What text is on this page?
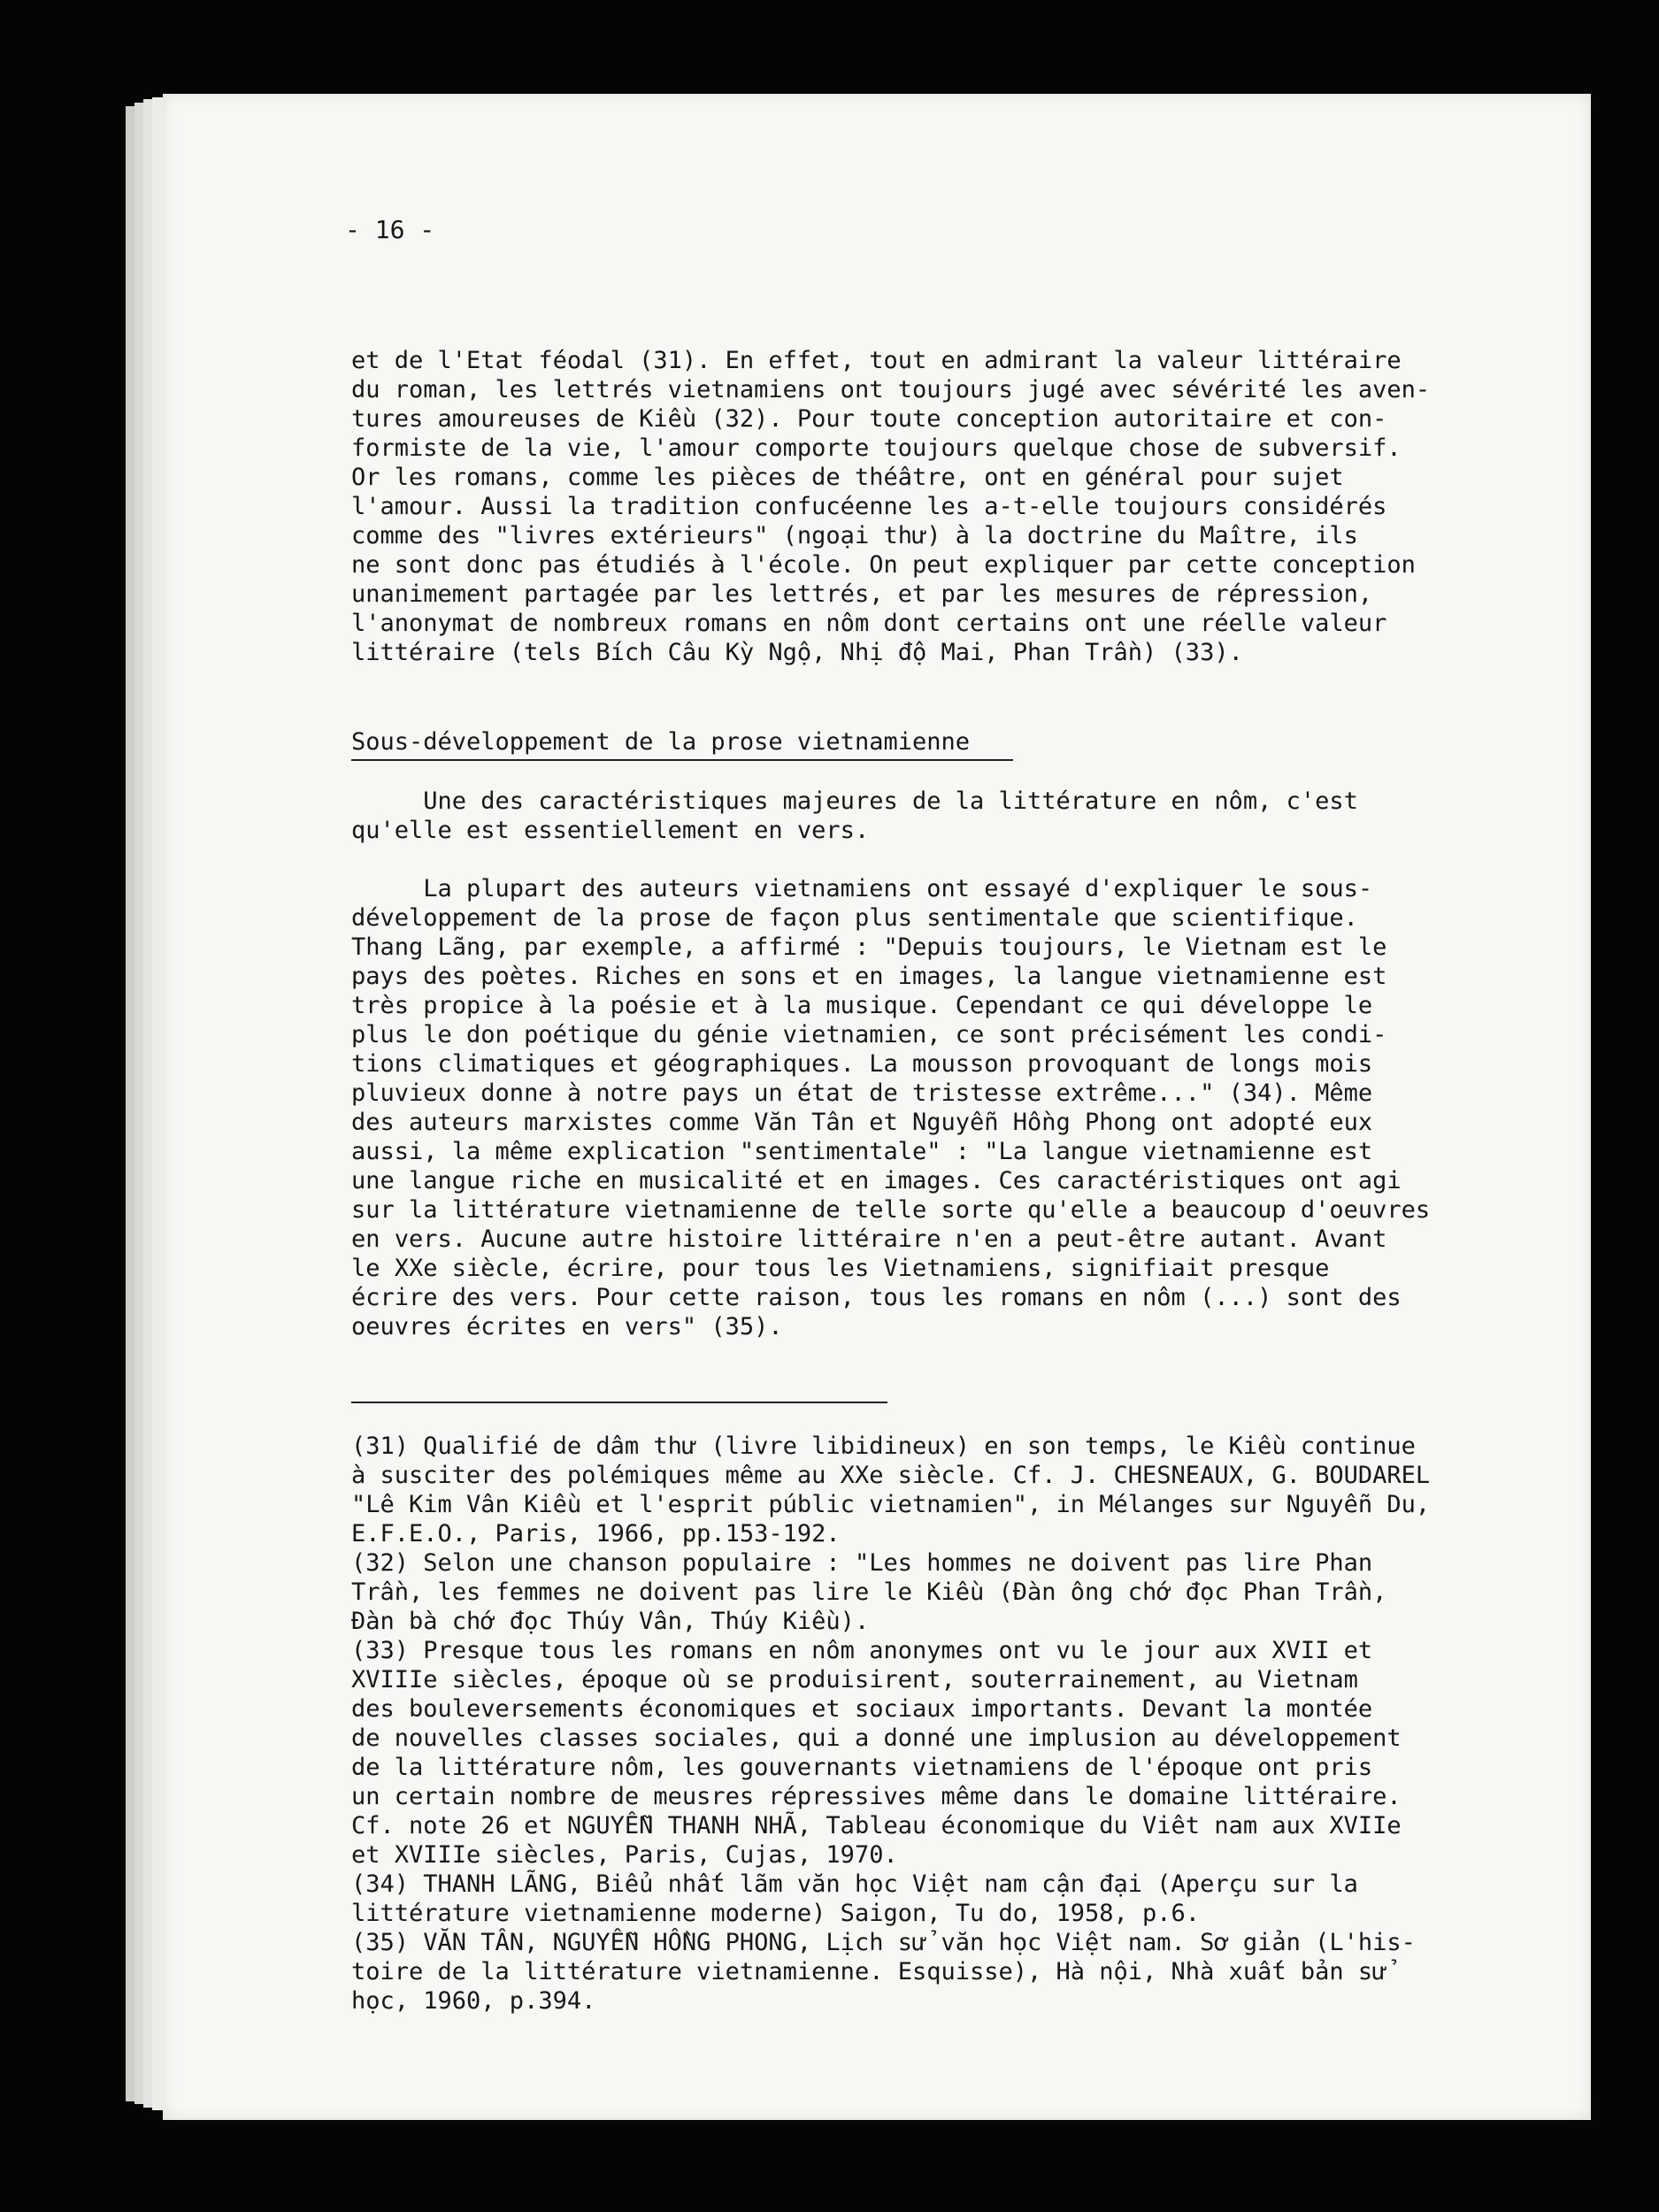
- 16 -
et de l'Etat féodal (31). En effet, tout en admirant la valeur littéraire
du roman, les lettrés vietnamiens ont toujours jugé avec sévérité les aven-
tures amoureuses de Kiều (32). Pour toute conception autoritaire et con-
formiste de la vie, l'amour comporte toujours quelque chose de subversif.
Or les romans, comme les pièces de théâtre, ont en général pour sujet
l'amour. Aussi la tradition confucéenne les a-t-elle toujours considérés
comme des "livres extérieurs" (ngoại thư) à la doctrine du Maître, ils
ne sont donc pas étudiés à l'école. On peut expliquer par cette conception
unanimement partagée par les lettrés, et par les mesures de répression,
l'anonymat de nombreux romans en nôm dont certains ont une réelle valeur
littéraire (tels Bích Câu Kỳ Ngộ, Nhị độ Mai, Phan Trần) (33).
Sous-développement de la prose vietnamienne
Une des caractéristiques majeures de la littérature en nôm, c'est
qu'elle est essentiellement en vers.
La plupart des auteurs vietnamiens ont essayé d'expliquer le sous-
développement de la prose de façon plus sentimentale que scientifique.
Thang Lãng, par exemple, a affirmé : "Depuis toujours, le Vietnam est le
pays des poètes. Riches en sons et en images, la langue vietnamienne est
très propice à la poésie et à la musique. Cependant ce qui développe le
plus le don poétique du génie vietnamien, ce sont précisément les condi-
tions climatiques et géographiques. La mousson provoquant de longs mois
pluvieux donne à notre pays un état de tristesse extrême..." (34). Même
des auteurs marxistes comme Văn Tân et Nguyễn Hồng Phong ont adopté eux
aussi, la même explication "sentimentale" : "La langue vietnamienne est
une langue riche en musicalité et en images. Ces caractéristiques ont agi
sur la littérature vietnamienne de telle sorte qu'elle a beaucoup d'oeuvres
en vers. Aucune autre histoire littéraire n'en a peut-être autant. Avant
le XXe siècle, écrire, pour tous les Vietnamiens, signifiait presque
écrire des vers. Pour cette raison, tous les romans en nôm (...) sont des
oeuvres écrites en vers" (35).
(31) Qualifié de dâm thư (livre libidineux) en son temps, le Kiều continue
à susciter des polémiques même au XXe siècle. Cf. J. CHESNEAUX, G. BOUDAREL
"Lê Kim Vân Kiều et l'esprit públic vietnamien", in Mélanges sur Nguyễn Du,
E.F.E.O., Paris, 1966, pp.153-192.
(32) Selon une chanson populaire : "Les hommes ne doivent pas lire Phan
Trần, les femmes ne doivent pas lire le Kiều (Đàn ông chớ đọc Phan Trần,
Đàn bà chớ đọc Thúy Vân, Thúy Kiều).
(33) Presque tous les romans en nôm anonymes ont vu le jour aux XVII et
XVIIIe siècles, époque où se produisirent, souterrainement, au Vietnam
des bouleversements économiques et sociaux importants. Devant la montée
de nouvelles classes sociales, qui a donné une implusion au développement
de la littérature nôm, les gouvernants vietnamiens de l'époque ont pris
un certain nombre de meusres répressives même dans le domaine littéraire.
Cf. note 26 et NGUYỄN THANH NHÃ, Tableau économique du Viêt nam aux XVIIe
et XVIIIe siècles, Paris, Cujas, 1970.
(34) THANH LÃNG, Biểu nhất lãm văn học Việt nam cận đại (Aperçu sur la
littérature vietnamienne moderne) Saigon, Tu do, 1958, p.6.
(35) VĂN TÂN, NGUYỄN HỒNG PHONG, Lịch sử văn học Việt nam. Sơ giản (L'his-
toire de la littérature vietnamienne. Esquisse), Hà nội, Nhà xuất bản sử
học, 1960, p.394.
